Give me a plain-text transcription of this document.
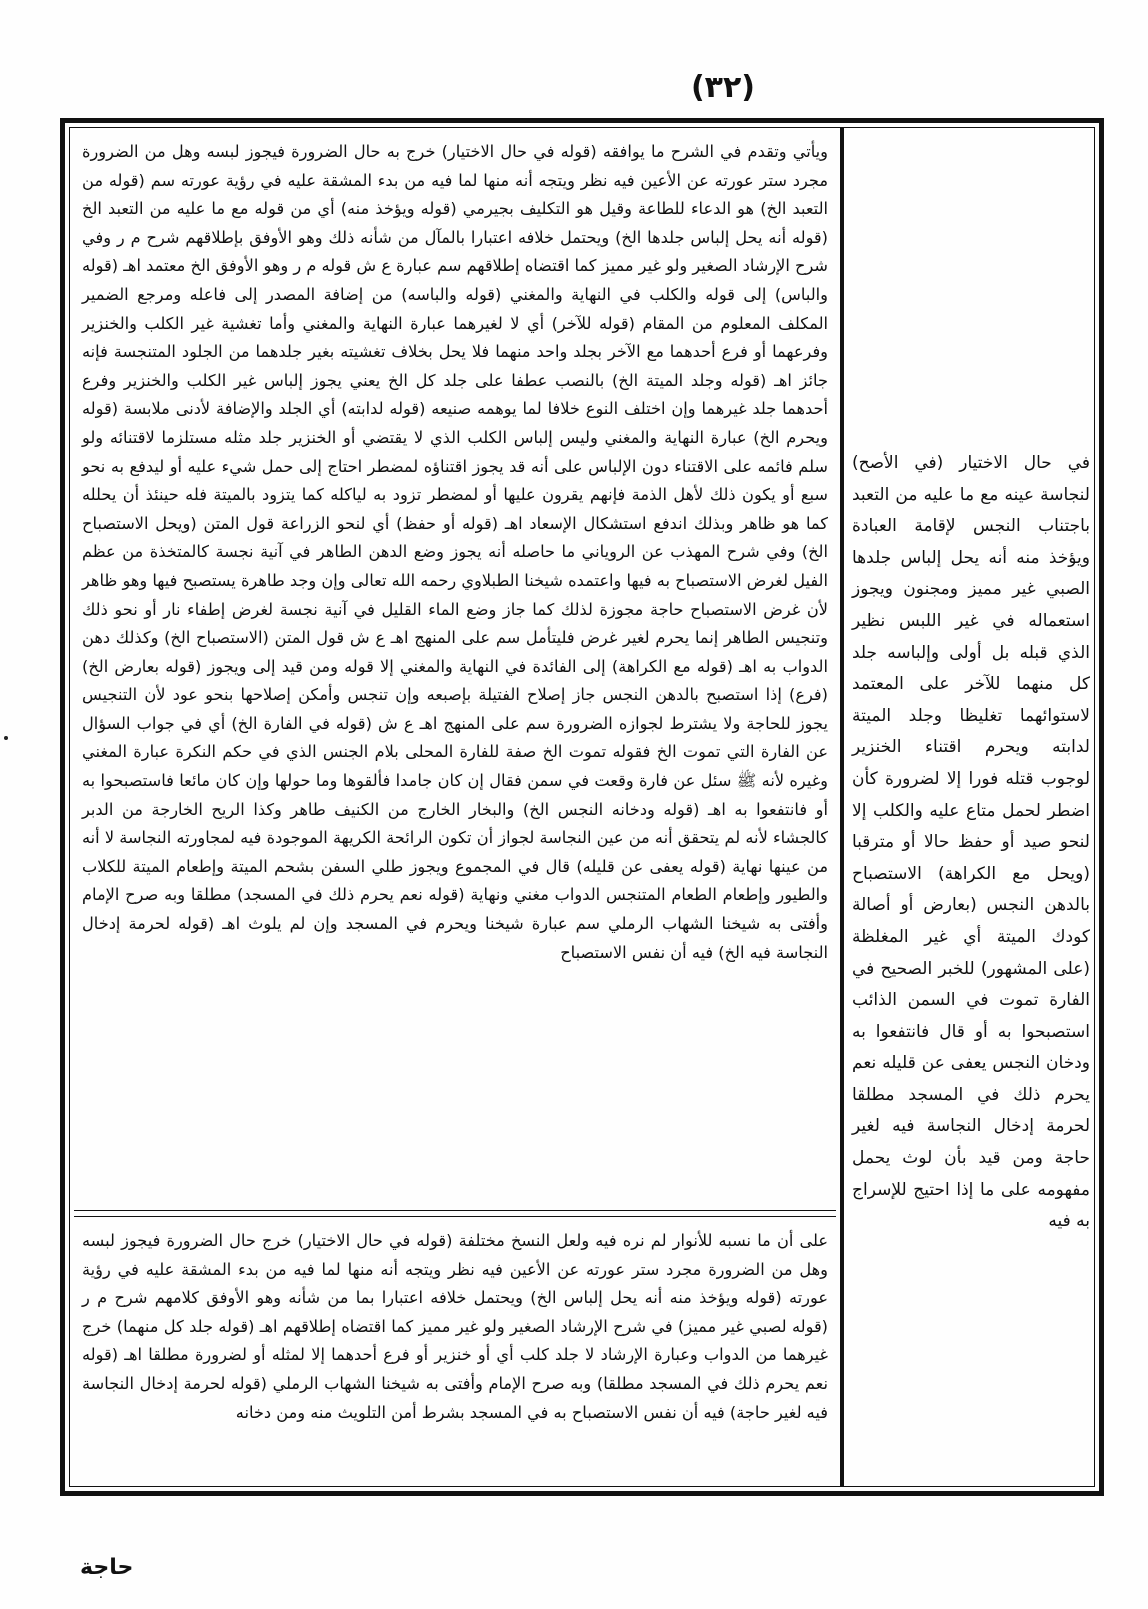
(۳۲)
ويأتي وتقدم في الشرح ما يوافقه (قوله في حال الاختيار) خرج به حال الضرورة فيجوز لبسه وهل من الضرورة مجرد ستر عورته عن الأعين فيه نظر ويتجه أنه منها لما فيه من بدء المشقة عليه في رؤية عورته سم (قوله من التعبد الخ) هو الدعاء للطاعة وقيل هو التكليف بجيرمي (قوله ويؤخذ منه) أي من قوله مع ما عليه من التعبد الخ (قوله أنه يحل إلباس جلدها الخ) ويحتمل خلافه اعتبارا بالمآل من شأنه ذلك وهو الأوفق بإطلاقهم شرح م ر وفي شرح الإرشاد الصغير ولو غير مميز كما اقتضاه إطلاقهم سم عبارة ع ش قوله م ر وهو الأوفق الخ معتمد اهـ (قوله والباس) إلى قوله والكلب في النهاية والمغني (قوله والباسه) من إضافة المصدر إلى فاعله ومرجع الضمير المكلف المعلوم من المقام (قوله للآخر) أي لا لغيرهما عبارة النهاية والمغني وأما تغشية غير الكلب والخنزير وفرعهما أو فرع أحدهما مع الآخر بجلد واحد منهما فلا يحل بخلاف تغشيته بغير جلدهما من الجلود المتنجسة فإنه جائز اهـ (قوله وجلد الميتة الخ) بالنصب عطفا على جلد كل الخ يعني يجوز إلباس غير الكلب والخنزير وفرع أحدهما جلد غيرهما وإن اختلف النوع خلافا لما يوهمه صنيعه (قوله لدابته) أي الجلد والإضافة لأدنى ملابسة (قوله ويحرم الخ) عبارة النهاية والمغني وليس إلباس الكلب الذي لا يقتضي أو الخنزير جلد مثله مستلزما لاقتنائه ولو سلم فائمه على الاقتناء دون الإلباس على أنه قد يجوز اقتناؤه لمضطر احتاج إلى حمل شيء عليه أو ليدفع به نحو سبع أو يكون ذلك لأهل الذمة فإنهم يقرون عليها أو لمضطر تزود به لياكله كما يتزود بالميتة فله حينئذ أن يحلله كما هو ظاهر وبذلك اندفع استشكال الإسعاد اهـ (قوله أو حفظ) أي لنحو الزراعة قول المتن (ويحل الاستصباح الخ) وفي شرح المهذب عن الروياني ما حاصله أنه يجوز وضع الدهن الطاهر في آنية نجسة كالمتخذة من عظم الفيل لغرض الاستصباح به فيها واعتمده شيخنا الطبلاوي رحمه الله تعالى وإن وجد طاهرة يستصبح فيها وهو ظاهر لأن غرض الاستصباح حاجة مجوزة لذلك كما جاز وضع الماء القليل في آنية نجسة لغرض إطفاء نار أو نحو ذلك وتنجيس الطاهر إنما يحرم لغير غرض فليتأمل سم على المنهج اهـ ع ش قول المتن (الاستصباح الخ) وكذلك دهن الدواب به اهـ (قوله مع الكراهة) إلى الفائدة في النهاية والمغني إلا قوله ومن قيد إلى ويجوز (قوله بعارض الخ) (فرع) إذا استصبح بالدهن النجس جاز إصلاح الفتيلة بإصبعه وإن تنجس وأمكن إصلاحها بنحو عود لأن التنجيس يجوز للحاجة ولا يشترط لجوازه الضرورة سم على المنهج اهـ ع ش (قوله في الفارة الخ) أي في جواب السؤال عن الفارة التي تموت الخ فقوله تموت الخ صفة للفارة المحلى بلام الجنس الذي في حكم النكرة عبارة المغني وغيره لأنه ﷺ سئل عن فارة وقعت في سمن فقال إن كان جامدا فألقوها وما حولها وإن كان مائعا فاستصبحوا به أو فانتفعوا به اهـ (قوله ودخانه النجس الخ) والبخار الخارج من الكنيف طاهر وكذا الريح الخارجة من الدبر كالجشاء لأنه لم يتحقق أنه من عين النجاسة لجواز أن تكون الرائحة الكريهة الموجودة فيه لمجاورته النجاسة لا أنه من عينها نهاية (قوله يعفى عن قليله) قال في المجموع ويجوز طلي السفن بشحم الميتة وإطعام الميتة للكلاب والطيور وإطعام الطعام المتنجس الدواب مغني ونهاية (قوله نعم يحرم ذلك في المسجد) مطلقا وبه صرح الإمام وأفتى به شيخنا الشهاب الرملي سم عبارة شيخنا ويحرم في المسجد وإن لم يلوث اهـ (قوله لحرمة إدخال النجاسة فيه الخ) فيه أن نفس الاستصباح
على أن ما نسبه للأنوار لم نره فيه ولعل النسخ مختلفة (قوله في حال الاختيار) خرج حال الضرورة فيجوز لبسه وهل من الضرورة مجرد ستر عورته عن الأعين فيه نظر ويتجه أنه منها لما فيه من بدء المشقة عليه في رؤية عورته (قوله ويؤخذ منه أنه يحل إلباس الخ) ويحتمل خلافه اعتبارا بما من شأنه وهو الأوفق كلامهم شرح م ر (قوله لصبي غير مميز) في شرح الإرشاد الصغير ولو غير مميز كما اقتضاه إطلاقهم اهـ (قوله جلد كل منهما) خرج غيرهما من الدواب وعبارة الإرشاد لا جلد كلب أي أو خنزير أو فرع أحدهما إلا لمثله أو لضرورة مطلقا اهـ (قوله نعم يحرم ذلك في المسجد مطلقا) وبه صرح الإمام وأفتى به شيخنا الشهاب الرملي (قوله لحرمة إدخال النجاسة فيه لغير حاجة) فيه أن نفس الاستصباح به في المسجد بشرط أمن التلويث منه ومن دخانه
في حال الاختيار (في الأصح) لنجاسة عينه مع ما عليه من التعبد باجتناب النجس لإقامة العبادة ويؤخذ منه أنه يحل إلباس جلدها الصبي غير مميز ومجنون ويجوز استعماله في غير اللبس نظير الذي قبله بل أولى وإلباسه جلد كل منهما للآخر على المعتمد لاستوائهما تغليظا وجلد الميتة لدابته ويحرم اقتناء الخنزير لوجوب قتله فورا إلا لضرورة كأن اضطر لحمل متاع عليه والكلب إلا لنحو صيد أو حفظ حالا أو مترقبا (ويحل مع الكراهة) الاستصباح بالدهن النجس (بعارض أو أصالة كودك الميتة أي غير المغلظة (على المشهور) للخبر الصحيح في الفارة تموت في السمن الذائب استصبحوا به أو قال فانتفعوا به ودخان النجس يعفى عن قليله نعم يحرم ذلك في المسجد مطلقا لحرمة إدخال النجاسة فيه لغير حاجة ومن قيد بأن لوث يحمل مفهومه على ما إذا احتيج للإسراج به فيه
حاجة
